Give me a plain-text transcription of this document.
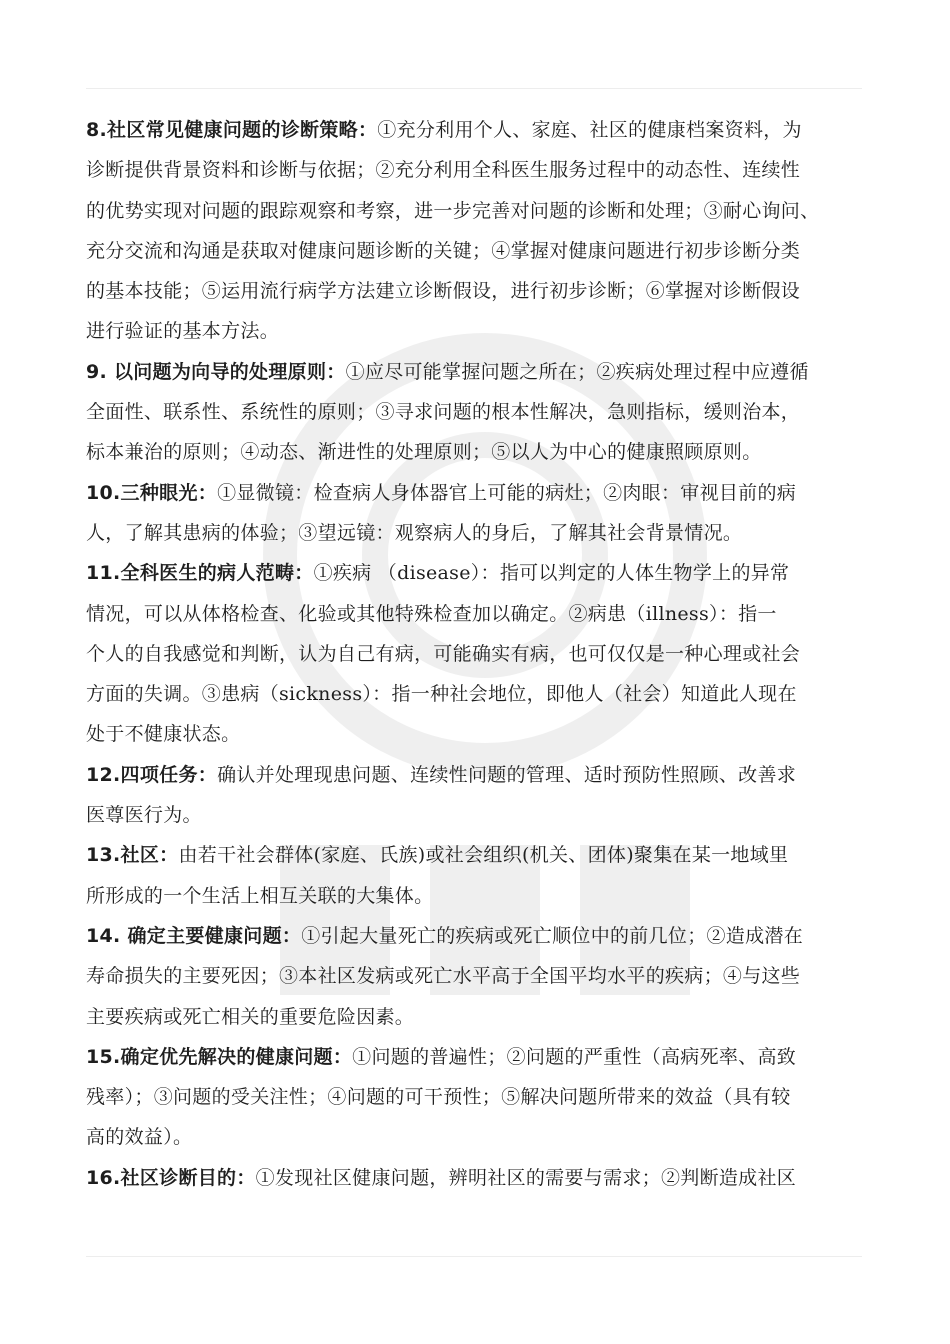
8.社区常见健康问题的诊断策略：①充分利用个人、家庭、社区的健康档案资料，为
诊断提供背景资料和诊断与依据；②充分利用全科医生服务过程中的动态性、连续性
的优势实现对问题的跟踪观察和考察，进一步完善对问题的诊断和处理；③耐心询问、
充分交流和沟通是获取对健康问题诊断的关键；④掌握对健康问题进行初步诊断分类
的基本技能；⑤运用流行病学方法建立诊断假设，进行初步诊断；⑥掌握对诊断假设
进行验证的基本方法。

9. 以问题为向导的处理原则：①应尽可能掌握问题之所在；②疾病处理过程中应遵循
全面性、联系性、系统性的原则；③寻求问题的根本性解决，急则指标，缓则治本，
标本兼治的原则；④动态、渐进性的处理原则；⑤以人为中心的健康照顾原则。

10.三种眼光：①显微镜：检查病人身体器官上可能的病灶；②肉眼：审视目前的病
人，了解其患病的体验；③望远镜：观察病人的身后，了解其社会背景情况。

11.全科医生的病人范畴：①疾病 （disease）：指可以判定的人体生物学上的异常
情况，可以从体格检查、化验或其他特殊检查加以确定。②病患（illness）：指一
个人的自我感觉和判断，认为自己有病，可能确实有病，也可仅仅是一种心理或社会
方面的失调。③患病（sickness）：指一种社会地位，即他人（社会）知道此人现在
处于不健康状态。

12.四项任务：确认并处理现患问题、连续性问题的管理、适时预防性照顾、改善求
医尊医行为。

13.社区：由若干社会群体(家庭、氏族)或社会组织(机关、团体)聚集在某一地域里
所形成的一个生活上相互关联的大集体。

14. 确定主要健康问题：①引起大量死亡的疾病或死亡顺位中的前几位；②造成潜在
寿命损失的主要死因；③本社区发病或死亡水平高于全国平均水平的疾病；④与这些
主要疾病或死亡相关的重要危险因素。

15.确定优先解决的健康问题：①问题的普遍性；②问题的严重性（高病死率、高致
残率）；③问题的受关注性；④问题的可干预性；⑤解决问题所带来的效益（具有较
高的效益）。

16.社区诊断目的：①发现社区健康问题，辨明社区的需要与需求；②判断造成社区
